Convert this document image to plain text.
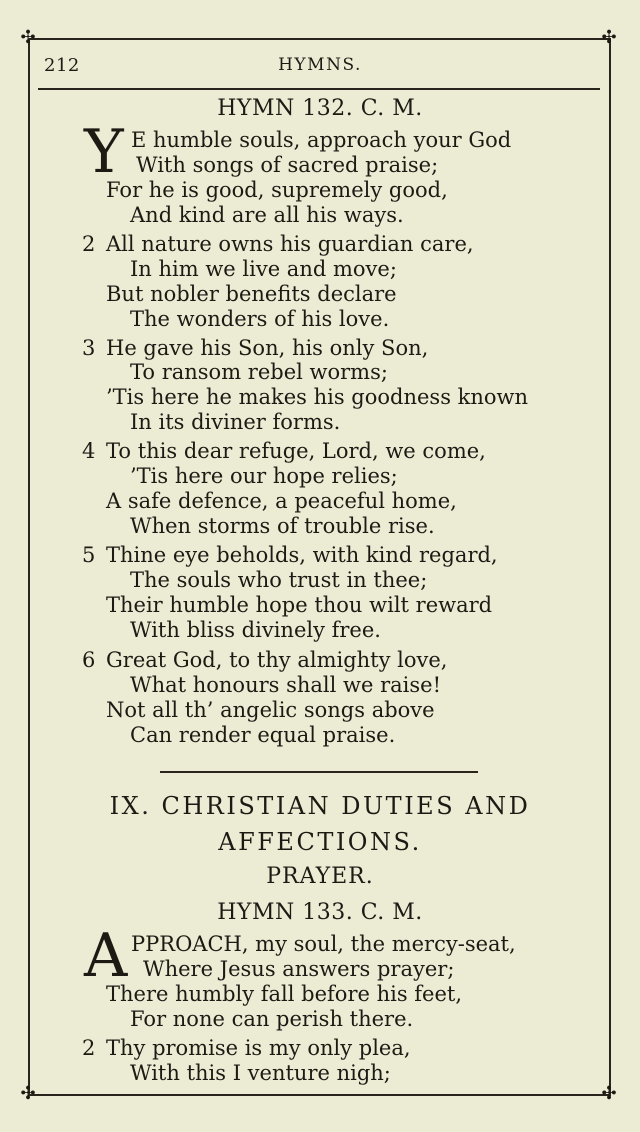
✣	✣
✣	✣
212	HYMNS.
HYMN 132. C. M.
Y E humble souls, approach your God
With songs of sacred praise;
For he is good, supremely good,
And kind are all his ways.
2 All nature owns his guardian care,
In him we live and move;
But nobler benefits declare
The wonders of his love.
3 He gave his Son, his only Son,
To ransom rebel worms;
’Tis here he makes his goodness known
In its diviner forms.
4 To this dear refuge, Lord, we come,
’Tis here our hope relies;
A safe defence, a peaceful home,
When storms of trouble rise.
5 Thine eye beholds, with kind regard,
The souls who trust in thee;
Their humble hope thou wilt reward
With bliss divinely free.
6 Great God, to thy almighty love,
What honours shall we raise!
Not all th’ angelic songs above
Can render equal praise.
IX. CHRISTIAN DUTIES AND
AFFECTIONS.
PRAYER.
HYMN 133. C. M.
A PPROACH, my soul, the mercy-seat,
Where Jesus answers prayer;
There humbly fall before his feet,
For none can perish there.
2 Thy promise is my only plea,
With this I venture nigh;
